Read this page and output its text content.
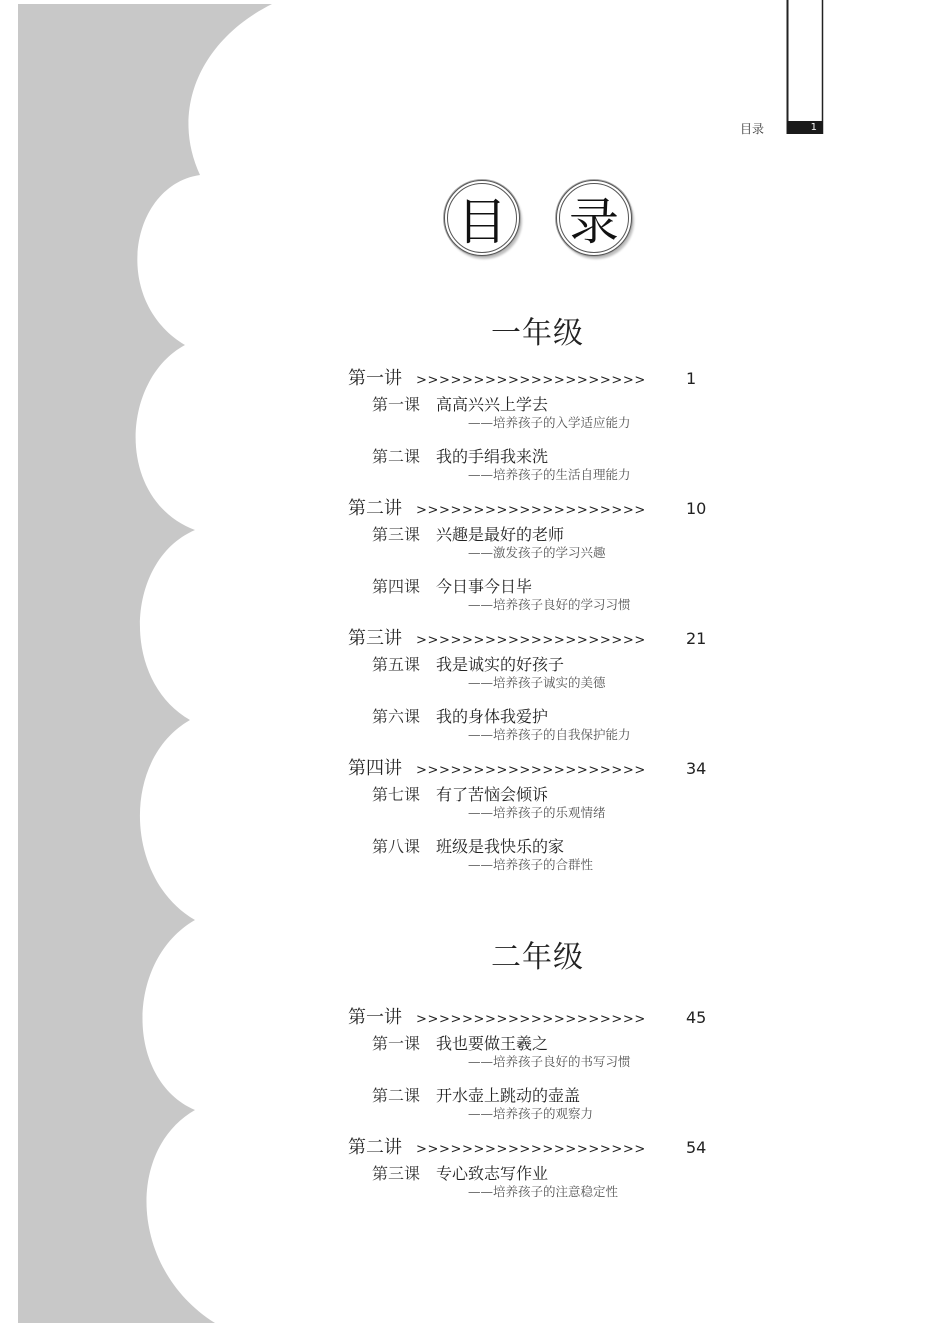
目录	1
目 录
一年级
第一讲	>>>>>>>>>>>>>>>>>>>>	1
第一课 高高兴兴上学去
——培养孩子的入学适应能力
第二课 我的手绢我来洗
——培养孩子的生活自理能力
第二讲	>>>>>>>>>>>>>>>>>>>>	10
第三课 兴趣是最好的老师
——激发孩子的学习兴趣
第四课 今日事今日毕
——培养孩子良好的学习习惯
第三讲	>>>>>>>>>>>>>>>>>>>>	21
第五课 我是诚实的好孩子
——培养孩子诚实的美德
第六课 我的身体我爱护
——培养孩子的自我保护能力
第四讲	>>>>>>>>>>>>>>>>>>>>	34
第七课 有了苦恼会倾诉
——培养孩子的乐观情绪
第八课 班级是我快乐的家
——培养孩子的合群性
二年级
第一讲	>>>>>>>>>>>>>>>>>>>>	45
第一课 我也要做王羲之
——培养孩子良好的书写习惯
第二课 开水壶上跳动的壶盖
——培养孩子的观察力
第二讲	>>>>>>>>>>>>>>>>>>>>	54
第三课 专心致志写作业
——培养孩子的注意稳定性
